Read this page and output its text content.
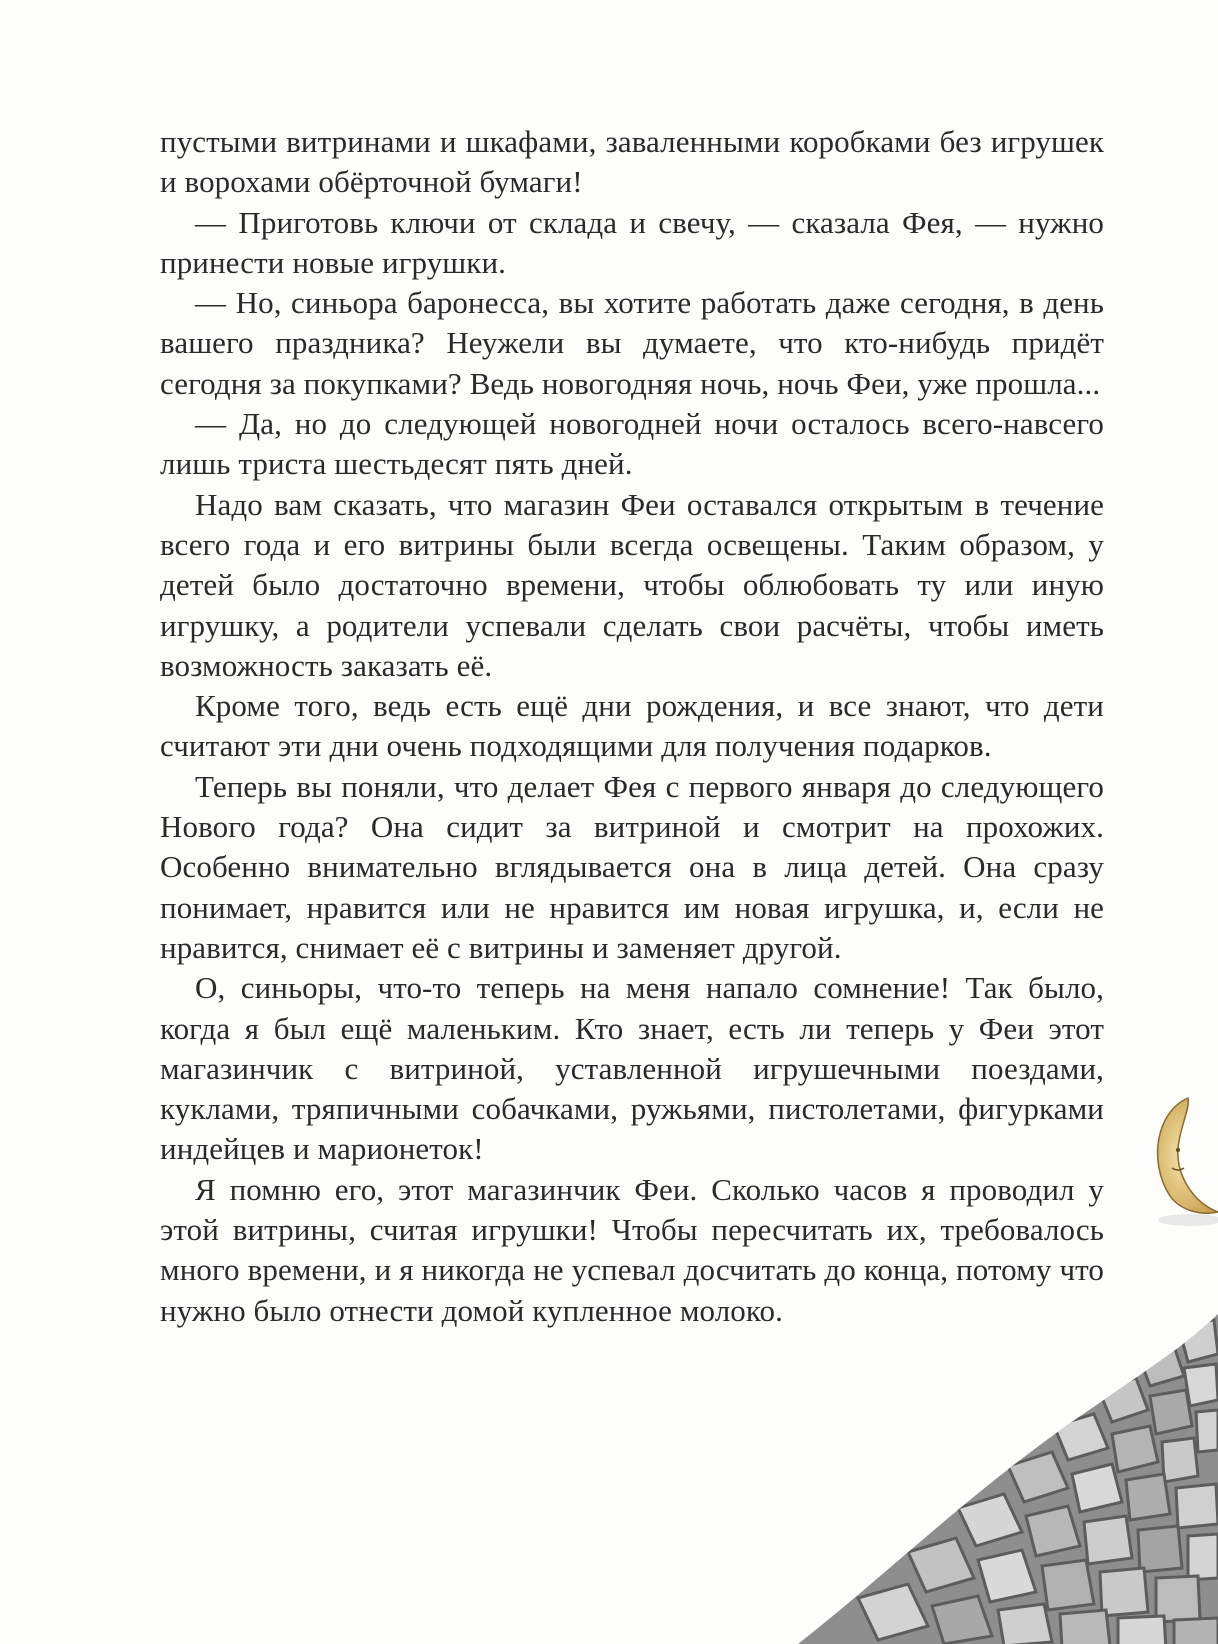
пустыми витринами и шкафами, заваленными коробками без игрушек и ворохами обёрточной бумаги!

— Приготовь ключи от склада и свечу, — сказала Фея, — нужно принести новые игрушки.

— Но, синьора баронесса, вы хотите работать даже сегодня, в день вашего праздника? Неужели вы думаете, что кто-нибудь придёт сегодня за покупками? Ведь новогодняя ночь, ночь Феи, уже прошла...

— Да, но до следующей новогодней ночи осталось всего-навсего лишь триста шестьдесят пять дней.

Надо вам сказать, что магазин Феи оставался открытым в течение всего года и его витрины были всегда освещены. Таким образом, у детей было достаточно времени, чтобы облюбовать ту или иную игрушку, а родители успевали сделать свои расчёты, чтобы иметь возможность заказать её.

Кроме того, ведь есть ещё дни рождения, и все знают, что дети считают эти дни очень подходящими для получения подарков.

Теперь вы поняли, что делает Фея с первого января до следующего Нового года? Она сидит за витриной и смотрит на прохожих. Особенно внимательно вглядывается она в лица детей. Она сразу понимает, нравится или не нравится им новая игрушка, и, если не нравится, снимает её с витрины и заменяет другой.

О, синьоры, что-то теперь на меня напало сомнение! Так было, когда я был ещё маленьким. Кто знает, есть ли теперь у Феи этот магазинчик с витриной, уставленной игрушечными поездами, куклами, тряпичными собачками, ружьями, пистолетами, фигурками индейцев и марионеток!

Я помню его, этот магазинчик Феи. Сколько часов я проводил у этой витрины, считая игрушки! Чтобы пересчитать их, требовалось много времени, и я никогда не успевал досчитать до конца, потому что нужно было отнести домой купленное молоко.
